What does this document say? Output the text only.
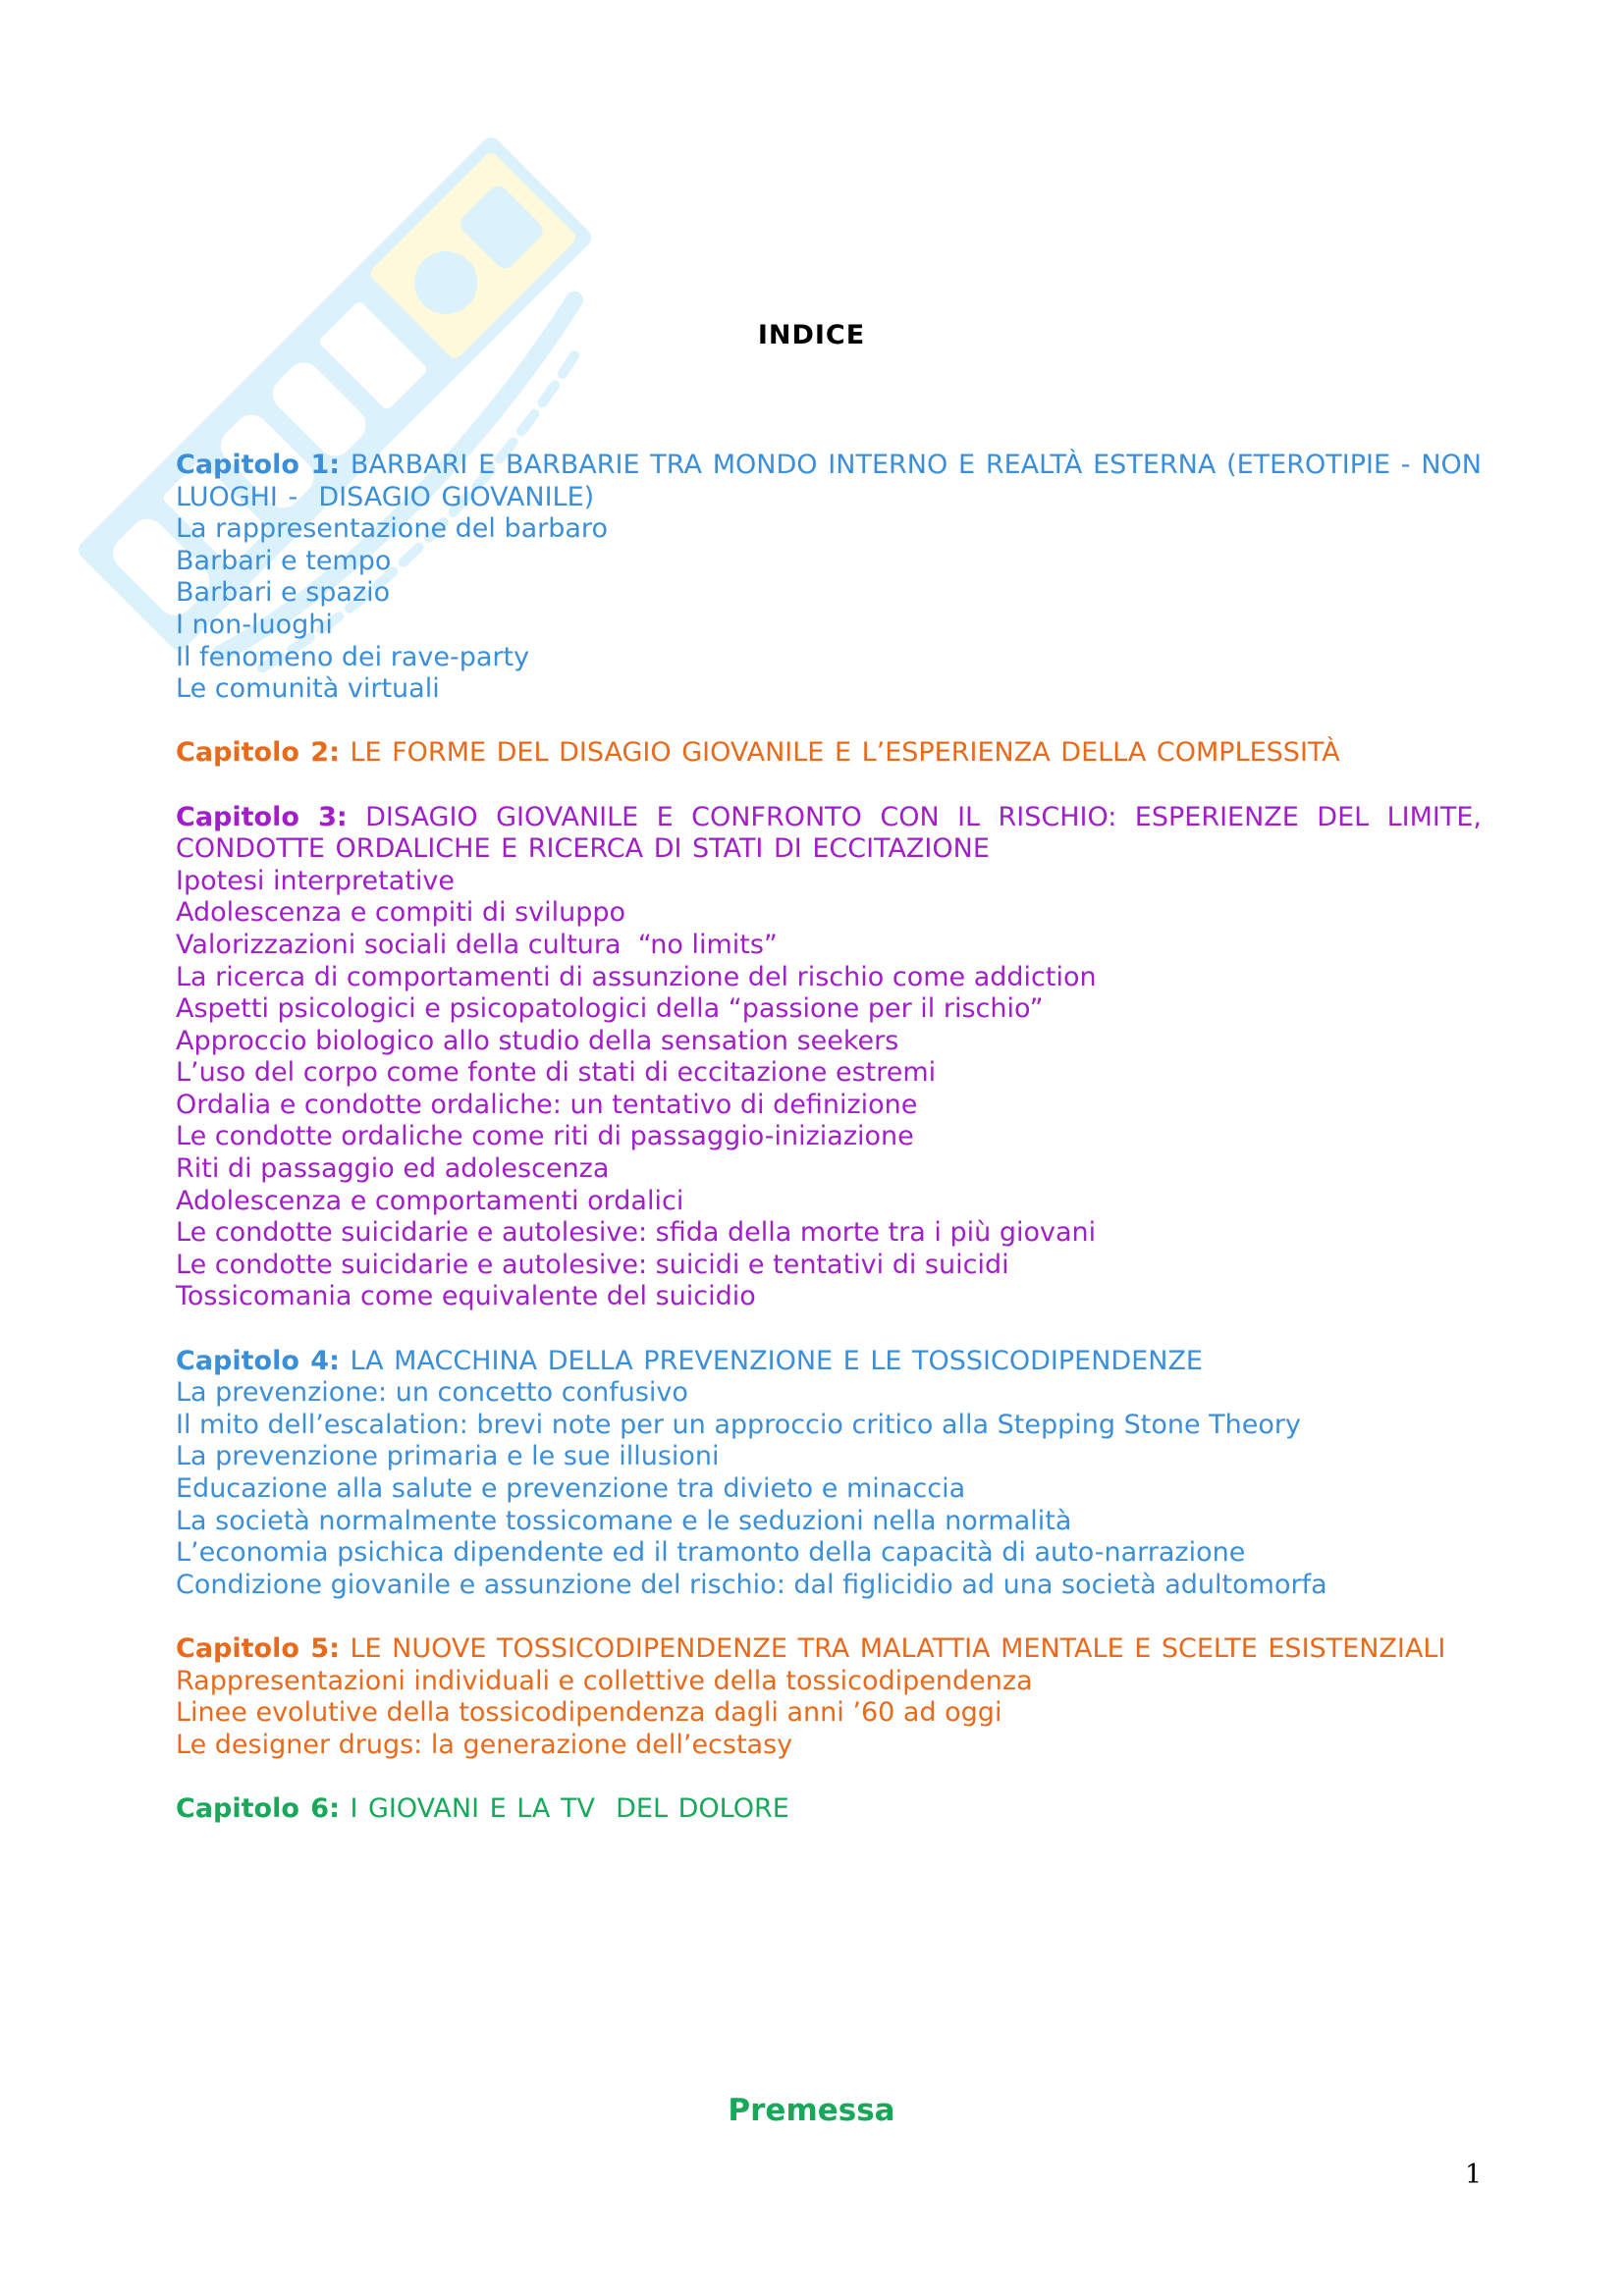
INDICE
Capitolo 1: BARBARI E BARBARIE TRA MONDO INTERNO E REALTÀ ESTERNA (ETEROTIPIE - NON LUOGHI -  DISAGIO GIOVANILE)
La rappresentazione del barbaro
Barbari e tempo
Barbari e spazio
I non-luoghi
Il fenomeno dei rave-party
Le comunità virtuali
Capitolo 2: LE FORME DEL DISAGIO GIOVANILE E L’ESPERIENZA DELLA COMPLESSITÀ
Capitolo 3: DISAGIO GIOVANILE E CONFRONTO CON IL RISCHIO: ESPERIENZE DEL LIMITE, CONDOTTE ORDALICHE E RICERCA DI STATI DI ECCITAZIONE
Ipotesi interpretative
Adolescenza e compiti di sviluppo
Valorizzazioni sociali della cultura  “no limits”
La ricerca di comportamenti di assunzione del rischio come addiction
Aspetti psicologici e psicopatologici della “passione per il rischio”
Approccio biologico allo studio della sensation seekers
L’uso del corpo come fonte di stati di eccitazione estremi
Ordalia e condotte ordaliche: un tentativo di definizione
Le condotte ordaliche come riti di passaggio-iniziazione
Riti di passaggio ed adolescenza
Adolescenza e comportamenti ordalici
Le condotte suicidarie e autolesive: sfida della morte tra i più giovani
Le condotte suicidarie e autolesive: suicidi e tentativi di suicidi
Tossicomania come equivalente del suicidio
Capitolo 4: LA MACCHINA DELLA PREVENZIONE E LE TOSSICODIPENDENZE
La prevenzione: un concetto confusivo
Il mito dell’escalation: brevi note per un approccio critico alla Stepping Stone Theory
La prevenzione primaria e le sue illusioni
Educazione alla salute e prevenzione tra divieto e minaccia
La società normalmente tossicomane e le seduzioni nella normalità
L’economia psichica dipendente ed il tramonto della capacità di auto-narrazione
Condizione giovanile e assunzione del rischio: dal figlicidio ad una società adultomorfa
Capitolo 5: LE NUOVE TOSSICODIPENDENZE TRA MALATTIA MENTALE E SCELTE ESISTENZIALI
Rappresentazioni individuali e collettive della tossicodipendenza
Linee evolutive della tossicodipendenza dagli anni ’60 ad oggi
Le designer drugs: la generazione dell’ecstasy
Capitolo 6: I GIOVANI E LA TV  DEL DOLORE
Premessa
1
